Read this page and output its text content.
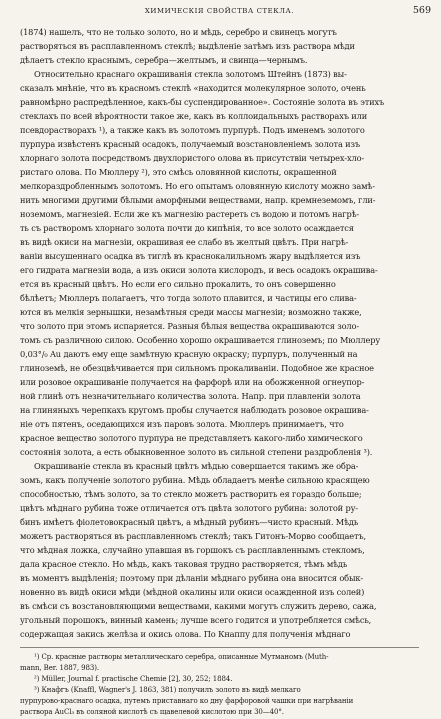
ХИМИЧЕСКІЯ СВОЙСТВА СТЕКЛА.	569
(1874) нашелъ, что не только золото, но и мѣдь, серебро и свинецъ могутъ
растворяться въ расплавленномъ стеклѣ; выдѣленіе затѣмъ изъ раствора мѣди
дѣлаетъ стекло краснымъ, серебра—желтымъ, и свинца—чернымъ.
Относительно краснаго окрашиванія стекла золотомъ Штейнъ (1873) вы-
сказалъ мнѣніе, что въ красномъ стеклѣ «находится молекулярное золото, очень
равномѣрно распредѣленное, какъ-бы суспендированное». Состояніе золота въ этихъ
стеклахъ по всей вѣроятности такое же, какъ въ коллоидальныхъ растворахъ или
псевдорастворахъ ¹), а также какъ въ золотомъ пурпурѣ. Подъ именемъ золотого
пурпура извѣстенъ красный осадокъ, получаемый возстановленіемъ золота изъ
хлорнаго золота посредствомъ двухлористого олова въ присутствіи четырех-хло-
ристаго олова. По Мюллеру ²), это смѣсь оловянной кислоты, окрашенной
мелкораздробленнымъ золотомъ. Но его опытамъ оловянную кислоту можно замѣ-
нить многими другими бѣлыми аморфными веществами, напр. кремнеземомъ, гли-
ноземомъ, магнезіей. Если же къ магнезію растереть съ водою и потомъ нагрѣ-
ть съ растворомъ хлорнаго золота почти до кипѣнія, то все золото осаждается
въ видѣ окиси на магнезіи, окрашивая ее слабо въ желтый цвѣтъ. При нагрѣ-
ваніи высушеннаго осадка въ тиглѣ въ краснокалильномъ жару выдѣляется изъ
его гидрата магнезіи вода, а изъ окиси золота кислородъ, и весь осадокъ окрашива-
ется въ красный цвѣтъ. Но если его сильно прокалить, то онъ совершенно
бѣлѣетъ; Мюллеръ полагаетъ, что тогда золото плавится, и частицы его слива-
ются въ мелкія зернышки, незамѣтныя среди массы магнезіи; возможно также,
что золото при этомъ испаряется. Разныя бѣлыя вещества окрашиваются золо-
томъ съ различною силою. Особенно хорошо окрашивается глиноземъ; по Мюллеру
0,03°/₀ Au даютъ ему еще замѣтную красную окраску; пурпуръ, полученный на
глиноземѣ, не обезцвѣчивается при сильномъ прокаливаніи. Подобное же красное
или розовое окрашиваніе получается на фарфорѣ или на обожженной огнеупор-
ной глинѣ отъ незначительнаго количества золота. Напр. при плавленіи золота
на глиняныхъ черепкахъ кругомъ пробы случается наблюдать розовое окрашива-
ніе отъ пятенъ, оседающихся изъ паровъ золота. Мюллеръ принимаетъ, что
красное вещество золотого пурпура не представляетъ какого-либо химического
состоянія золота, а есть обыкновенное золото въ сильной степени раздробленія ³).
Окрашиваніе стекла въ красный цвѣтъ мѣдью совершается такимъ же обра-
зомъ, какъ полученіе золотого рубина. Мѣдь обладаетъ менѣе сильною красящею
способностью, тѣмъ золото, за то стекло можетъ растворить ея гораздо больше;
цвѣтъ мѣднаго рубина тоже отличается отъ цвѣта золотого рубина: золотой ру-
бинъ имѣетъ фіолетовокрасный цвѣтъ, а мѣдный рубинъ—чисто красный. Мѣдь
можетъ растворяться въ расплавленномъ стеклѣ; такъ Гитонъ-Морво сообщаетъ,
что мѣдная ложка, случайно упавшая въ горшокъ съ расплавленнымъ стекломъ,
дала красное стекло. Но мѣдь, какъ таковая трудно растворяется, тѣмъ мѣдь
въ моментъ выдѣленія; поэтому при дѣланіи мѣднаго рубина она вносится обык-
новенно въ видѣ окиси мѣди (мѣдной окалины или окиси осажденной изъ солей)
въ смѣси съ возстановляющими веществами, какими могутъ служить дерево, сажа,
угольный порошокъ, винный камень; лучше всего годится и употребляется смѣсь,
содержащая закись желѣза и окись олова. По Кнаппу для полученія мѣднаго
¹) Ср. красные растворы металлическаго серебра, описанные Мутманомъ (Muth-
mann, Ber. 1887, 983).
²) Müller, Journal f. practische Chemie [2], 30, 252; 1884.
³) Кнафгъ (Knaffl, Wagner's J. 1863, 381) получилъ золото въ видѣ мелкаго
пурпурово-краснаго осадка, путемъ приставнаго ко дну фарфоровой чашки при нагрѣваніи
раствора AuCl₃ въ соляной кислотѣ съ щавелевой кислотою при 30—40°.
